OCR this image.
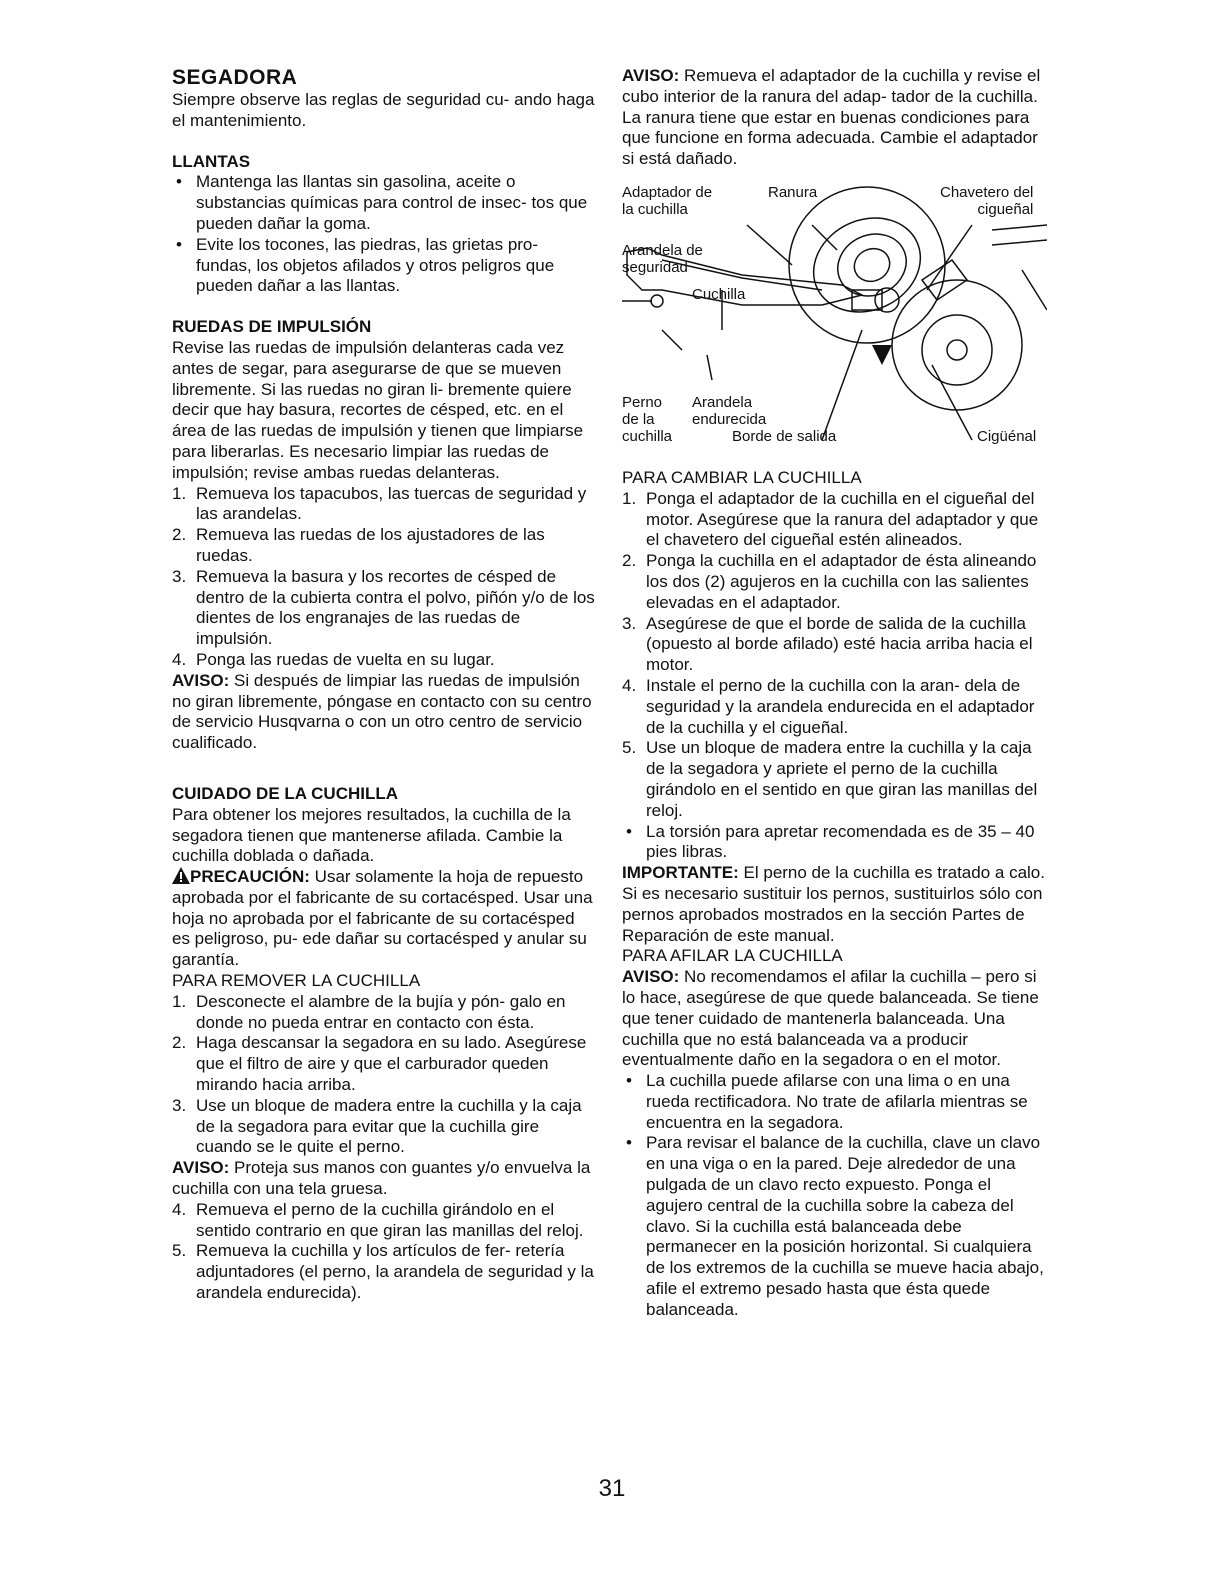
SEGADORA

Siempre observe las reglas de seguridad cu- ando haga el mantenimiento.

LLANTAS
• Mantenga las llantas sin gasolina, aceite o substancias químicas para control de insec- tos que pueden dañar la goma.
• Evite los tocones, las piedras, las grietas pro- fundas, los objetos afilados y otros peligros que pueden dañar a las llantas.
RUEDAS DE IMPULSIÓN

Revise las ruedas de impulsión delanteras cada vez antes de segar, para asegurarse de que se mueven libremente. Si las ruedas no giran li- bremente quiere decir que hay basura, recortes de césped, etc. en el área de las ruedas de impulsión y tienen que limpiarse para liberarlas. Es necesario limpiar las ruedas de impulsión; revise ambas ruedas delanteras.

1. Remueva los tapacubos, las tuercas de seguridad y las arandelas.
2. Remueva las ruedas de los ajustadores de las ruedas.
3. Remueva la basura y los recortes de césped de dentro de la cubierta contra el polvo, piñón y/o de los dientes de los engranajes de las ruedas de impulsión.
4. Ponga las ruedas de vuelta en su lugar.

AVISO: Si después de limpiar las ruedas de impulsión no giran libremente, póngase en contacto con su centro de servicio Husqvarna o con un otro centro de servicio cualificado.

CUIDADO DE LA CUCHILLA

Para obtener los mejores resultados, la cuchilla de la segadora tienen que mantenerse afilada. Cambie la cuchilla doblada o dañada.

PRECAUCIÓN: Usar solamente la hoja de repuesto aprobada por el fabricante de su cortacésped. Usar una hoja no aprobada por el fabricante de su cortacésped es peligroso, pu- ede dañar su cortacésped y anular su garantía.

PARA REMOVER LA CUCHILLA

1. Desconecte el alambre de la bujía y pón- galo en donde no pueda entrar en contacto con ésta.
2. Haga descansar la segadora en su lado. Asegúrese que el filtro de aire y que el carburador queden mirando hacia arriba.
3. Use un bloque de madera entre la cuchilla y la caja de la segadora para evitar que la cuchilla gire cuando se le quite el perno.

AVISO: Proteja sus manos con guantes y/o envuelva la cuchilla con una tela gruesa.

4. Remueva el perno de la cuchilla girándolo en el sentido contrario en que giran las manillas del reloj.
5. Remueva la cuchilla y los artículos de fer- retería adjuntadores (el perno, la arandela de seguridad y la arandela endurecida).

AVISO: Remueva el adaptador de la cuchilla y revise el cubo interior de la ranura del adap- tador de la cuchilla. La ranura tiene que estar en buenas condiciones para que funcione en forma adecuada. Cambie el adaptador si está dañado.

Adaptador de
la cuchilla
Ranura	Chavetero del
cigueñal
Arandela de
seguridad
Cuchilla
Perno
de la
cuchilla
Arandela
endurecida
Borde de salida	Cigüénal

PARA CAMBIAR LA CUCHILLA

1. Ponga el adaptador de la cuchilla en el cigueñal del motor. Asegúrese que la ranura del adaptador y que el chavetero del cigueñal estén alineados.
2. Ponga la cuchilla en el adaptador de ésta alineando los dos (2) agujeros en la cuchilla con las salientes elevadas en el adaptador.
3. Asegúrese de que el borde de salida de la cuchilla (opuesto al borde afilado) esté hacia arriba hacia el motor.
4. Instale el perno de la cuchilla con la aran- dela de seguridad y la arandela endurecida en el adaptador de la cuchilla y el cigueñal.
5. Use un bloque de madera entre la cuchilla y la caja de la segadora y apriete el perno de la cuchilla girándolo en el sentido en que giran las manillas del reloj.
• La torsión para apretar recomendada es de 35 – 40 pies libras.

IMPORTANTE: El perno de la cuchilla es tratado a calo. Si es necesario sustituir los pernos, sustituirlos sólo con pernos aprobados mostrados en la sección Partes de Reparación de este manual.

PARA AFILAR LA CUCHILLA

AVISO: No recomendamos el afilar la cuchilla – pero si lo hace, asegúrese de que quede balanceada. Se tiene que tener cuidado de mantenerla balanceada. Una cuchilla que no está balanceada va a producir eventualmente daño en la segadora o en el motor.

• La cuchilla puede afilarse con una lima o en una rueda rectificadora. No trate de afilarla mientras se encuentra en la segadora.
• Para revisar el balance de la cuchilla, clave un clavo en una viga o en la pared. Deje alrededor de una pulgada de un clavo recto expuesto. Ponga el agujero central de la cuchilla sobre la cabeza del clavo. Si la cuchilla está balanceada debe permanecer en la posición horizontal. Si cualquiera de los extremos de la cuchilla se mueve hacia abajo, afile el extremo pesado hasta que ésta quede balanceada.
31
